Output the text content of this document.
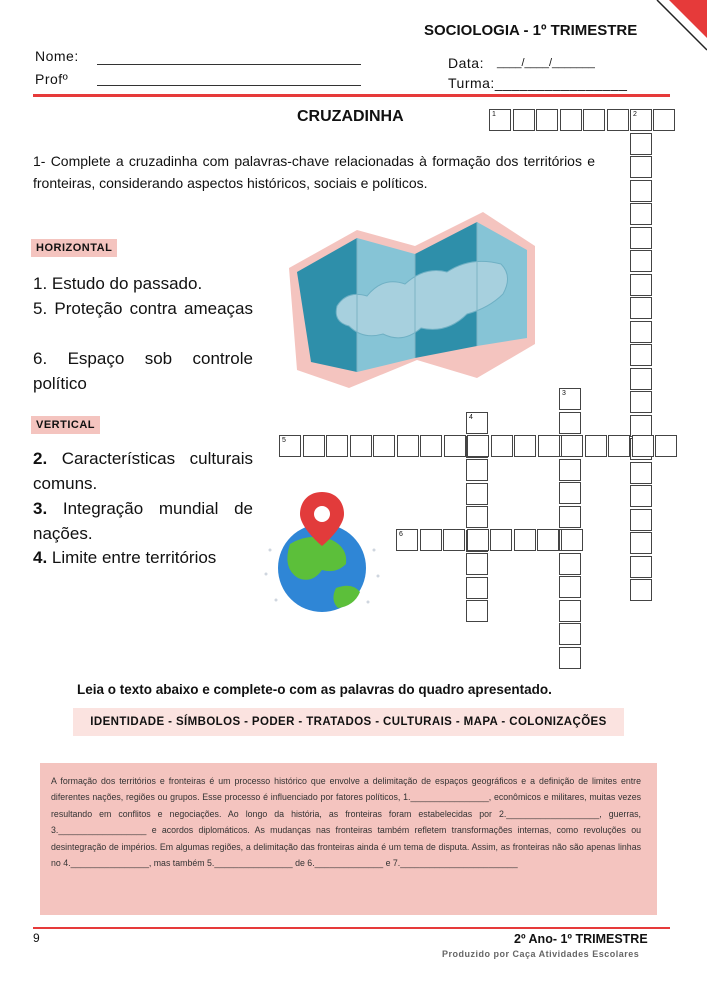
SOCIOLOGIA - 1º TRIMESTRE
Nome:
Profº
Data: ____/____/_______
Turma:________________
CRUZADINHA
1- Complete a cruzadinha com palavras-chave relacionadas à formação dos territórios e fronteiras, considerando aspectos históricos, sociais e políticos.
HORIZONTAL
1. Estudo do passado.
5. Proteção contra ameaças
6. Espaço sob controle político
VERTICAL
2. Características culturais comuns.
3. Integração mundial de nações.
4. Limite entre territórios
1	2
3
4
5
6
Leia o texto abaixo e complete-o com as palavras do quadro apresentado.
IDENTIDADE - SÍMBOLOS - PODER - TRATADOS - CULTURAIS - MAPA - COLONIZAÇÕES
A formação dos territórios e fronteiras é um processo histórico que envolve a delimitação de espaços geográficos e a definição de limites entre diferentes nações, regiões ou grupos. Esse processo é influenciado por fatores políticos, 1.________________, econômicos e militares, muitas vezes resultando em conflitos e negociações. Ao longo da história, as fronteiras foram estabelecidas por 2.___________________, guerras, 3.__________________ e acordos diplomáticos. As mudanças nas fronteiras também refletem transformações internas, como revoluções ou desintegração de impérios. Em algumas regiões, a delimitação das fronteiras ainda é um tema de disputa. Assim, as fronteiras não são apenas linhas no 4.________________, mas também 5.________________ de 6.______________ e 7.________________________
9	2º Ano- 1º TRIMESTRE
Produzido por Caça Atividades Escolares
